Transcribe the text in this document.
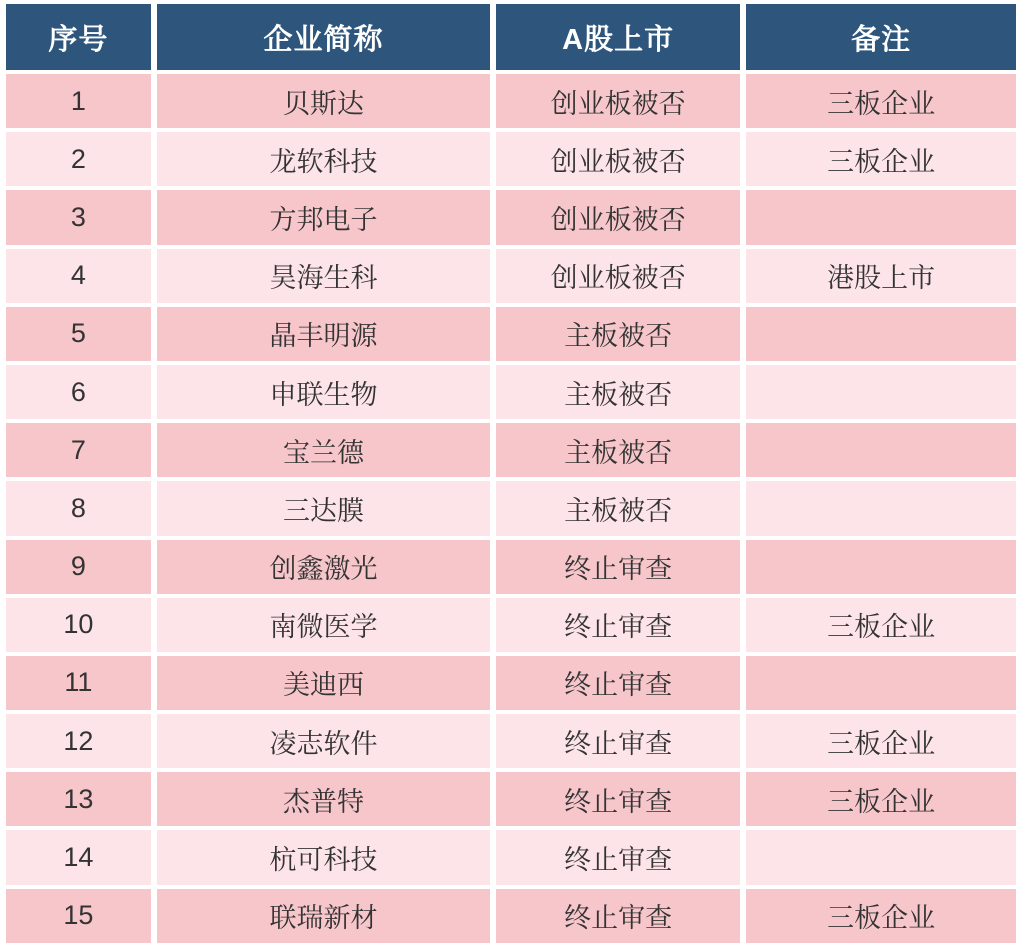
序号	企业简称	A股上市	备注
1	贝斯达	创业板被否	三板企业
2	龙软科技	创业板被否	三板企业
3	方邦电子	创业板被否	
4	昊海生科	创业板被否	港股上市
5	晶丰明源	主板被否	
6	申联生物	主板被否	
7	宝兰德	主板被否	
8	三达膜	主板被否	
9	创鑫激光	终止审查	
10	南微医学	终止审查	三板企业
11	美迪西	终止审查	
12	凌志软件	终止审查	三板企业
13	杰普特	终止审查	三板企业
14	杭可科技	终止审查	
15	联瑞新材	终止审查	三板企业
